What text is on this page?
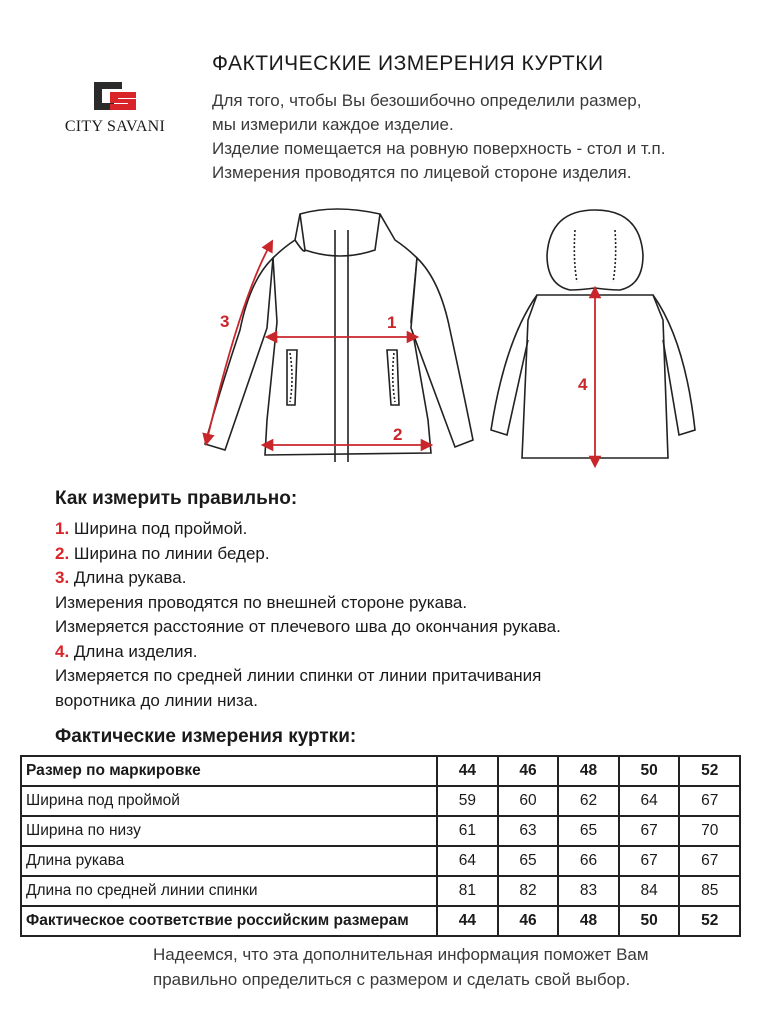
CITY SAVANI
ФАКТИЧЕСКИЕ ИЗМЕРЕНИЯ КУРТКИ
Для того, чтобы Вы безошибочно определили размер,
мы измерили каждое изделие.
Изделие помещается на ровную поверхность - стол и т.п.
Измерения проводятся по лицевой стороне изделия.
1
2
3
4
Как измерить правильно:
1. Ширина под проймой.
2. Ширина по линии бедер.
3. Длина рукава.
Измерения проводятся по внешней стороне рукава.
Измеряется расстояние от плечевого шва до окончания рукава.
4. Длина изделия.
Измеряется по средней линии спинки от линии притачивания
воротника до линии низа.
Фактические измерения куртки:
Размер по маркировке	44	46	48	50	52
Ширина под проймой	59	60	62	64	67
Ширина по низу	61	63	65	67	70
Длина рукава	64	65	66	67	67
Длина по средней линии спинки	81	82	83	84	85
Фактическое соответствие российским размерам	44	46	48	50	52
Надеемся, что эта дополнительная информация поможет Вам
правильно определиться с размером и сделать свой выбор.
